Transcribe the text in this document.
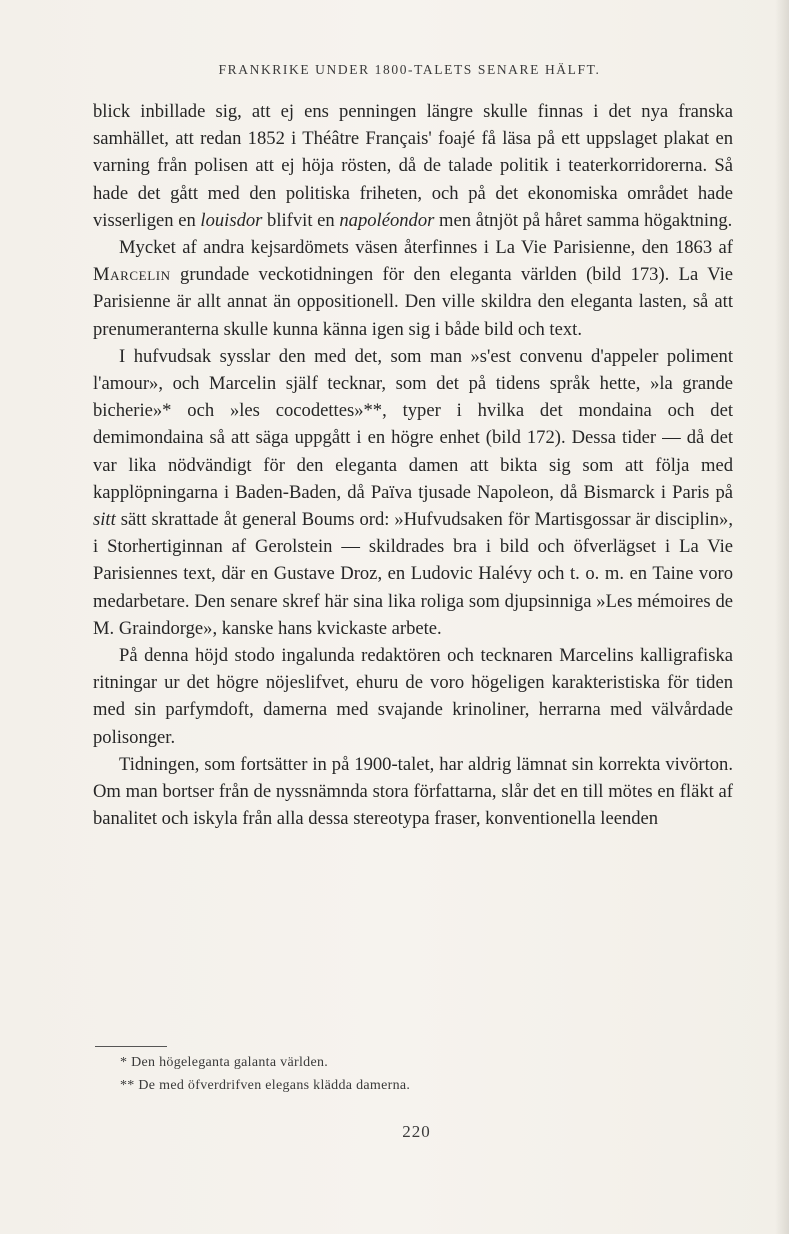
FRANKRIKE UNDER 1800-TALETS SENARE HÄLFT.

blick inbillade sig, att ej ens penningen längre skulle finnas i det nya franska samhället, att redan 1852 i Théâtre Français' foajé få läsa på ett uppslaget plakat en varning från polisen att ej höja rösten, då de talade politik i teaterkorridorerna. Så hade det gått med den politiska friheten, och på det ekonomiska området hade visserligen en louisdor blifvit en napoléondor men åtnjöt på håret samma högaktning.

Mycket af andra kejsardömets väsen återfinnes i La Vie Parisienne, den 1863 af Marcelin grundade veckotidningen för den eleganta världen (bild 173). La Vie Parisienne är allt annat än oppositionell. Den ville skildra den eleganta lasten, så att prenumeranterna skulle kunna känna igen sig i både bild och text.

I hufvudsak sysslar den med det, som man »s'est convenu d'appeler poliment l'amour», och Marcelin själf tecknar, som det på tidens språk hette, »la grande bicherie»* och »les cocodettes»**, typer i hvilka det mondaina och det demimondaina så att säga uppgått i en högre enhet (bild 172). Dessa tider — då det var lika nödvändigt för den eleganta damen att bikta sig som att följa med kapplöpningarna i Baden-Baden, då Païva tjusade Napoleon, då Bismarck i Paris på sitt sätt skrattade åt general Boums ord: »Hufvudsaken för Martisgossar är disciplin», i Storhertiginnan af Gerolstein — skildrades bra i bild och öfverlägset i La Vie Parisiennes text, där en Gustave Droz, en Ludovic Halévy och t. o. m. en Taine voro medarbetare. Den senare skref här sina lika roliga som djupsinniga »Les mémoires de M. Graindorge», kanske hans kvickaste arbete.

På denna höjd stodo ingalunda redaktören och tecknaren Marcelins kalligrafiska ritningar ur det högre nöjeslifvet, ehuru de voro högeligen karakteristiska för tiden med sin parfymdoft, damerna med svajande krinoliner, herrarna med välvårdade polisonger.

Tidningen, som fortsätter in på 1900-talet, har aldrig lämnat sin korrekta vivörton. Om man bortser från de nyssnämnda stora författarna, slår det en till mötes en fläkt af banalitet och iskyla från alla dessa stereotypa fraser, konventionella leenden

* Den högeleganta galanta världen.
** De med öfverdrifven elegans klädda damerna.
220
